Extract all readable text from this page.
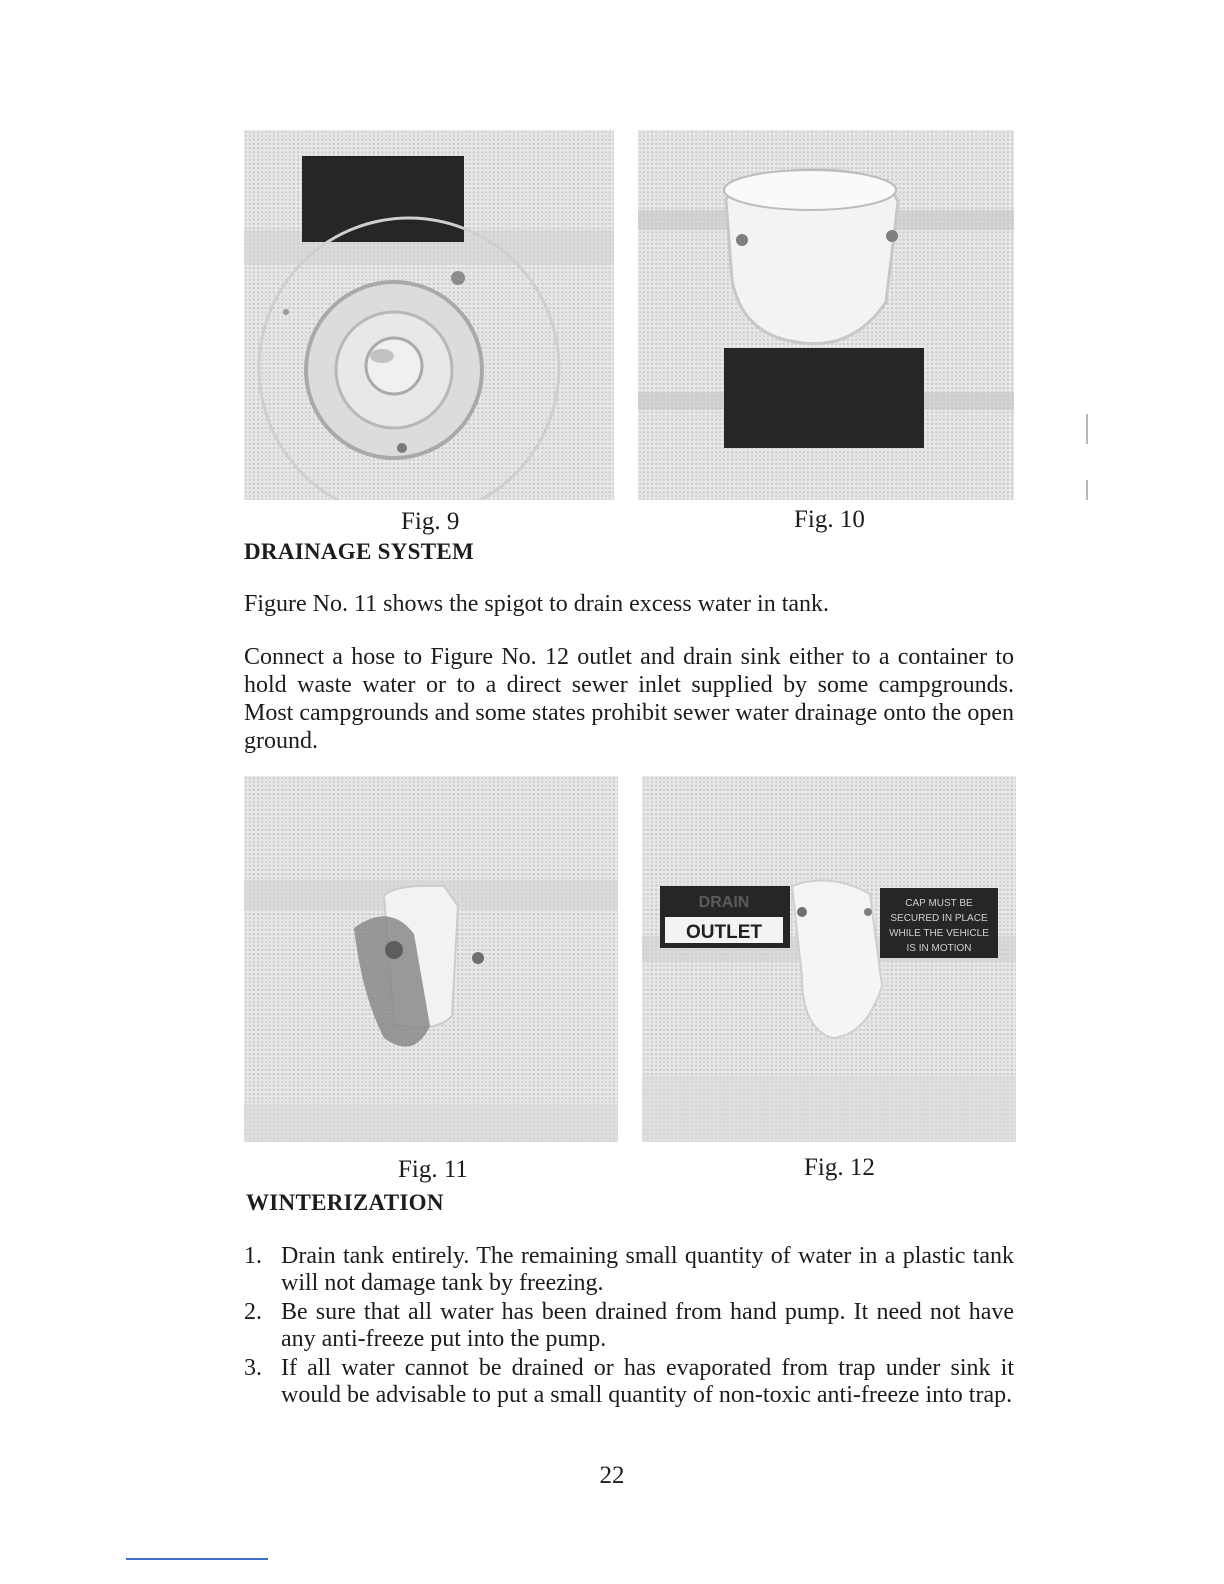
Fig. 9	Fig. 10
DRAINAGE SYSTEM

Figure No. 11 shows the spigot to drain excess water in tank.

Connect a hose to Figure No. 12 outlet and drain sink either to a container to hold waste water or to a direct sewer inlet supplied by some campgrounds. Most campgrounds and some states prohibit sewer water drainage onto the open ground.

Fig. 11
DRAIN
OUTLET
CAP MUST BE
SECURED IN PLACE
WHILE THE VEHICLE
IS IN MOTION
Fig. 12
WINTERIZATION
1. Drain tank entirely. The remaining small quantity of water in a plastic tank will not damage tank by freezing.
2. Be sure that all water has been drained from hand pump. It need not have any anti-freeze put into the pump.
3. If all water cannot be drained or has evaporated from trap under sink it would be advisable to put a small quantity of non-toxic anti-freeze into trap.
22
